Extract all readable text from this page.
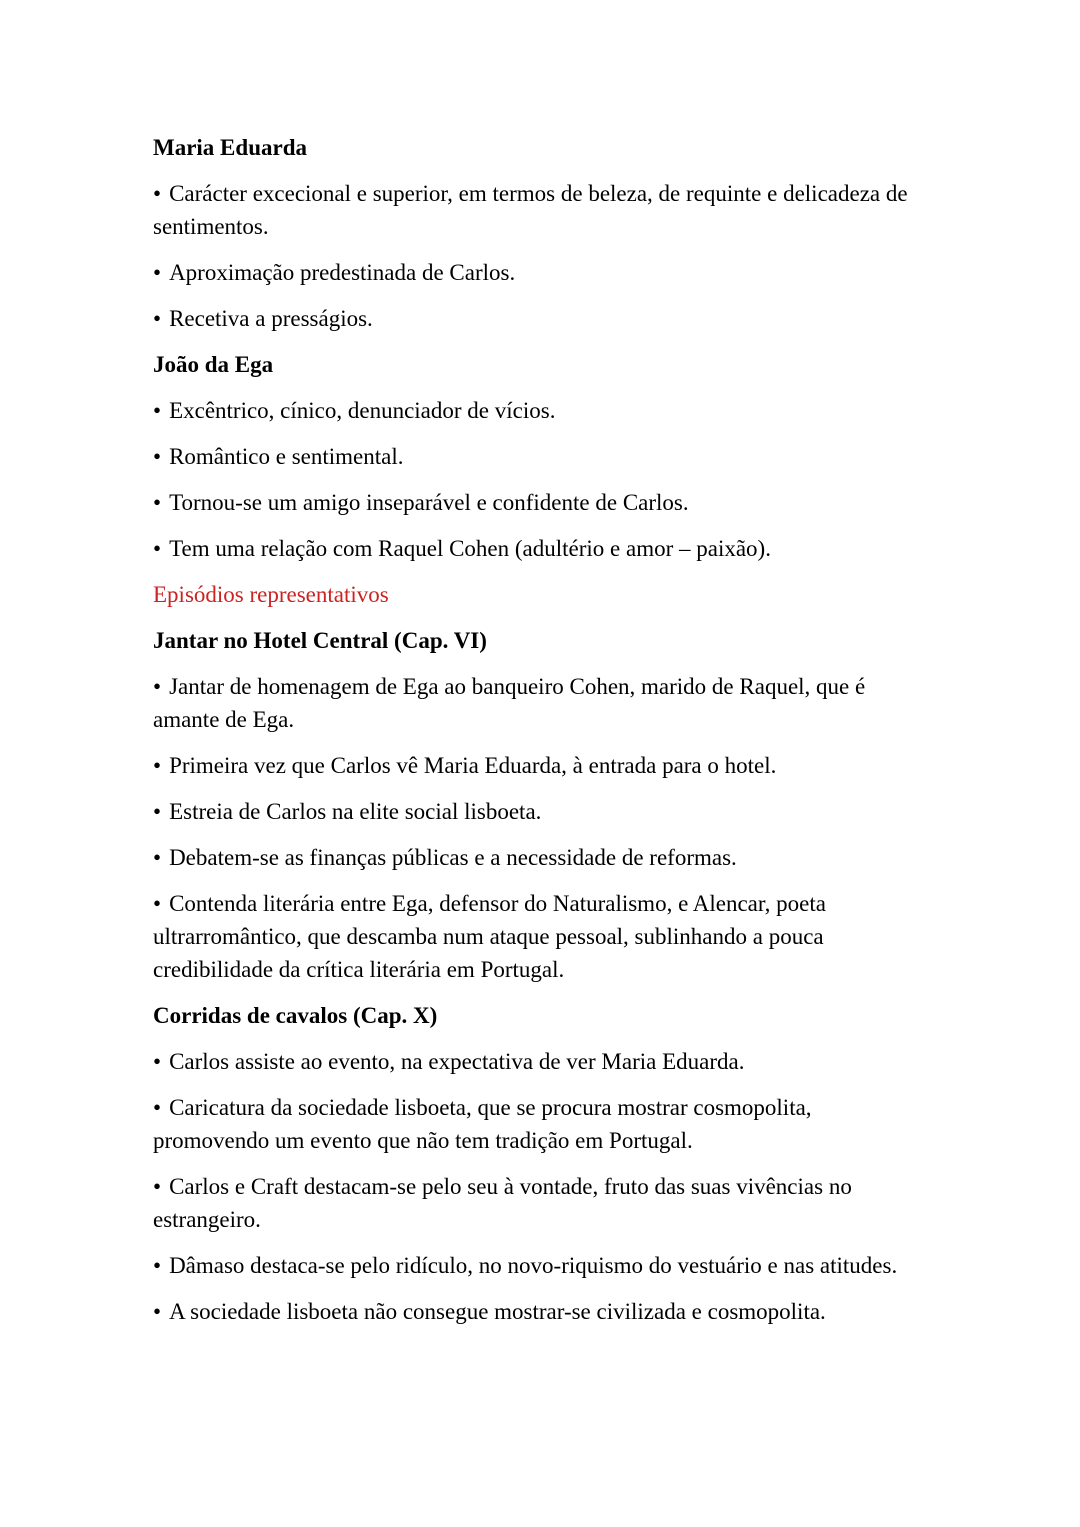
Maria Eduarda

• Carácter excecional e superior, em termos de beleza, de requinte e delicadeza de sentimentos.

• Aproximação predestinada de Carlos.

• Recetiva a presságios.

João da Ega

• Excêntrico, cínico, denunciador de vícios.

• Romântico e sentimental.

• Tornou-se um amigo inseparável e confidente de Carlos.

• Tem uma relação com Raquel Cohen (adultério e amor – paixão).

Episódios representativos
Jantar no Hotel Central (Cap. VI)

• Jantar de homenagem de Ega ao banqueiro Cohen, marido de Raquel, que é amante de Ega.

• Primeira vez que Carlos vê Maria Eduarda, à entrada para o hotel.

• Estreia de Carlos na elite social lisboeta.

• Debatem-se as finanças públicas e a necessidade de reformas.

• Contenda literária entre Ega, defensor do Naturalismo, e Alencar, poeta ultrarromântico, que descamba num ataque pessoal, sublinhando a pouca credibilidade da crítica literária em Portugal.

Corridas de cavalos (Cap. X)

• Carlos assiste ao evento, na expectativa de ver Maria Eduarda.

• Caricatura da sociedade lisboeta, que se procura mostrar cosmopolita, promovendo um evento que não tem tradição em Portugal.

• Carlos e Craft destacam-se pelo seu à vontade, fruto das suas vivências no estrangeiro.

• Dâmaso destaca-se pelo ridículo, no novo-riquismo do vestuário e nas atitudes.

• A sociedade lisboeta não consegue mostrar-se civilizada e cosmopolita.
